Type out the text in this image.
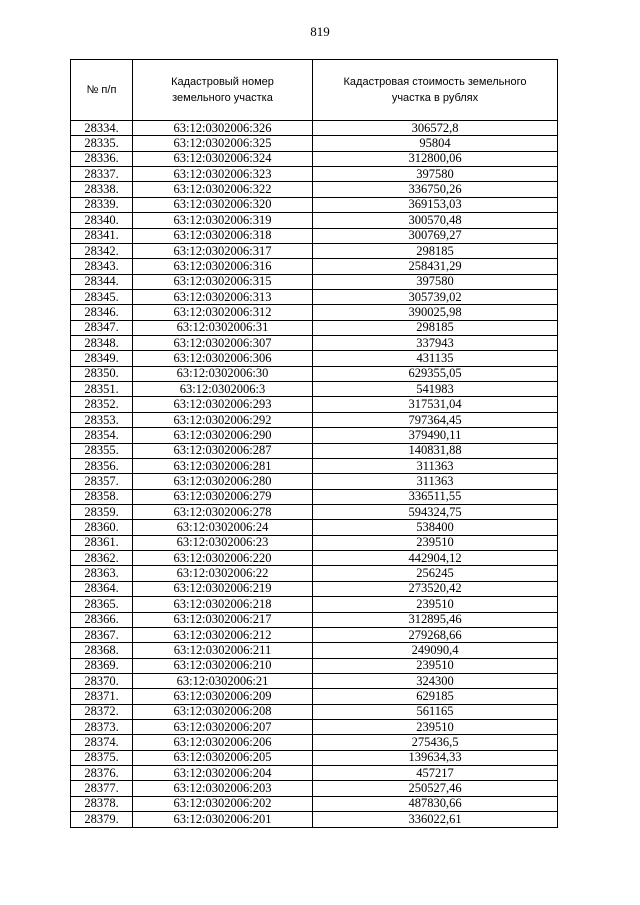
819
№ п/п	Кадастровый номер земельного участка	Кадастровая стоимость земельного участка в рублях
28334.	63:12:0302006:326	306572,8
28335.	63:12:0302006:325	95804
28336.	63:12:0302006:324	312800,06
28337.	63:12:0302006:323	397580
28338.	63:12:0302006:322	336750,26
28339.	63:12:0302006:320	369153,03
28340.	63:12:0302006:319	300570,48
28341.	63:12:0302006:318	300769,27
28342.	63:12:0302006:317	298185
28343.	63:12:0302006:316	258431,29
28344.	63:12:0302006:315	397580
28345.	63:12:0302006:313	305739,02
28346.	63:12:0302006:312	390025,98
28347.	63:12:0302006:31	298185
28348.	63:12:0302006:307	337943
28349.	63:12:0302006:306	431135
28350.	63:12:0302006:30	629355,05
28351.	63:12:0302006:3	541983
28352.	63:12:0302006:293	317531,04
28353.	63:12:0302006:292	797364,45
28354.	63:12:0302006:290	379490,11
28355.	63:12:0302006:287	140831,88
28356.	63:12:0302006:281	311363
28357.	63:12:0302006:280	311363
28358.	63:12:0302006:279	336511,55
28359.	63:12:0302006:278	594324,75
28360.	63:12:0302006:24	538400
28361.	63:12:0302006:23	239510
28362.	63:12:0302006:220	442904,12
28363.	63:12:0302006:22	256245
28364.	63:12:0302006:219	273520,42
28365.	63:12:0302006:218	239510
28366.	63:12:0302006:217	312895,46
28367.	63:12:0302006:212	279268,66
28368.	63:12:0302006:211	249090,4
28369.	63:12:0302006:210	239510
28370.	63:12:0302006:21	324300
28371.	63:12:0302006:209	629185
28372.	63:12:0302006:208	561165
28373.	63:12:0302006:207	239510
28374.	63:12:0302006:206	275436,5
28375.	63:12:0302006:205	139634,33
28376.	63:12:0302006:204	457217
28377.	63:12:0302006:203	250527,46
28378.	63:12:0302006:202	487830,66
28379.	63:12:0302006:201	336022,61
